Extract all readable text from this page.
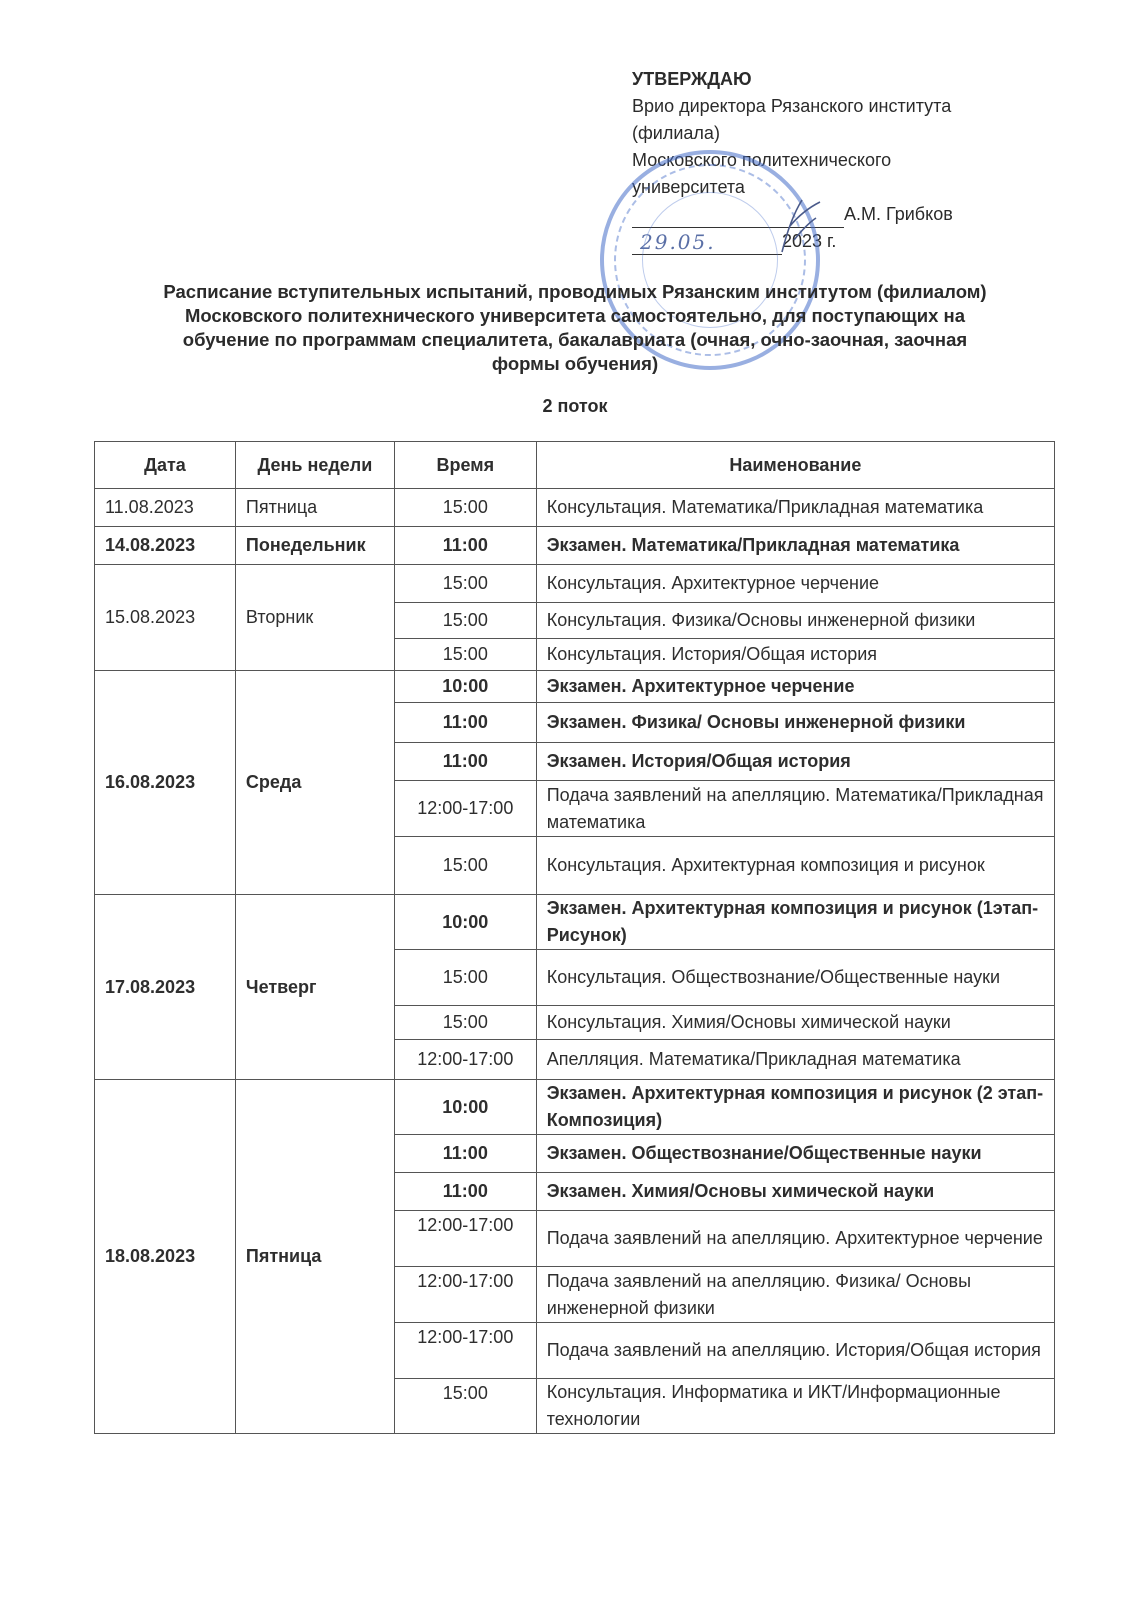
УТВЕРЖДАЮ
Врио директора Рязанского института
(филиала)
Московского политехнического
университета
А.М. Грибков
29.05.	2023 г.
Расписание вступительных испытаний, проводимых Рязанским институтом (филиалом)
Московского политехнического университета самостоятельно, для поступающих на
обучение по программам специалитета, бакалавриата (очная, очно-заочная, заочная
формы обучения)
2 поток
Дата	День недели	Время	Наименование
11.08.2023	Пятница	15:00	Консультация. Математика/Прикладная математика
14.08.2023	Понедельник	11:00	Экзамен. Математика/Прикладная математика
15.08.2023	Вторник	15:00	Консультация. Архитектурное черчение
		15:00	Консультация. Физика/Основы инженерной физики
		15:00	Консультация. История/Общая история
16.08.2023	Среда	10:00	Экзамен. Архитектурное черчение
		11:00	Экзамен. Физика/ Основы инженерной физики
		11:00	Экзамен. История/Общая история
		12:00-17:00	Подача заявлений на апелляцию. Математика/Прикладная математика
		15:00	Консультация. Архитектурная композиция и рисунок
17.08.2023	Четверг	10:00	Экзамен. Архитектурная композиция и рисунок (1этап-Рисунок)
		15:00	Консультация. Обществознание/Общественные науки
		15:00	Консультация. Химия/Основы химической науки
		12:00-17:00	Апелляция. Математика/Прикладная математика
18.08.2023	Пятница	10:00	Экзамен. Архитектурная композиция и рисунок (2 этап-Композиция)
		11:00	Экзамен. Обществознание/Общественные науки
		11:00	Экзамен. Химия/Основы химической науки
		12:00-17:00	Подача заявлений на апелляцию. Архитектурное черчение
		12:00-17:00	Подача заявлений на апелляцию. Физика/ Основы инженерной физики
		12:00-17:00	Подача заявлений на апелляцию. История/Общая история
		15:00	Консультация. Информатика и ИКТ/Информационные технологии
